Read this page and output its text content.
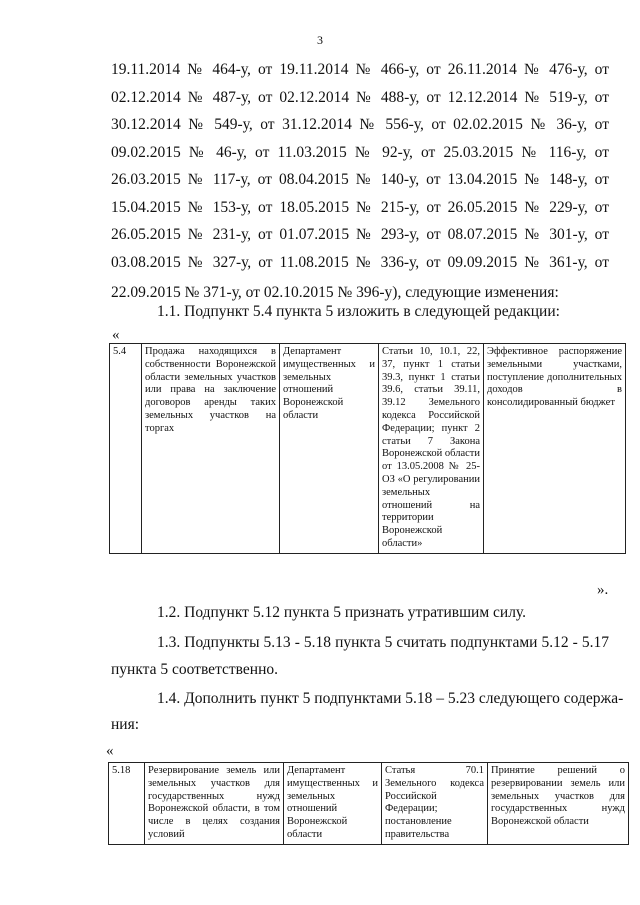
3
19.11.2014 № 464-у, от 19.11.2014 № 466-у, от 26.11.2014 № 476-у, от
02.12.2014 № 487-у, от 02.12.2014 № 488-у, от 12.12.2014 № 519-у, от
30.12.2014 № 549-у, от 31.12.2014 № 556-у, от 02.02.2015 № 36-у, от
09.02.2015 № 46-у, от 11.03.2015 № 92-у, от 25.03.2015 № 116-у, от
26.03.2015 № 117-у, от 08.04.2015 № 140-у, от 13.04.2015 № 148-у, от
15.04.2015 № 153-у, от 18.05.2015 № 215-у, от 26.05.2015 № 229-у, от
26.05.2015 № 231-у, от 01.07.2015 № 293-у, от 08.07.2015 № 301-у, от
03.08.2015 № 327-у, от 11.08.2015 № 336-у, от 09.09.2015 № 361-у, от
22.09.2015 № 371-у, от 02.10.2015 № 396-у), следующие изменения:
1.1. Подпункт 5.4 пункта 5 изложить в следующей редакции:
«
5.4	Продажа находящихся в собственности Воронежской области земельных участков или права на заключение договоров аренды таких земельных участков на торгах	Департамент имущественных и земельных отношений Воронежской области	Статьи 10, 10.1, 22, 37, пункт 1 статьи 39.3, пункт 1 статьи 39.6, статьи 39.11, 39.12 Земельного кодекса Российской Федерации; пункт 2 статьи 7 Закона Воронежской области от 13.05.2008 № 25-ОЗ «О регулировании земельных отношений на территории Воронежской области»	Эффективное распоряжение земельными участками, поступление дополнительных доходов в консолидированный бюджет
».
1.2. Подпункт 5.12 пункта 5 признать утратившим силу.
1.3. Подпункты 5.13 - 5.18 пункта 5 считать подпунктами 5.12 - 5.17
пункта 5 соответственно.
1.4. Дополнить пункт 5 подпунктами 5.18 – 5.23 следующего содержа-
ния:
«
5.18	Резервирование земель или земельных участков для государственных нужд Воронежской области, в том числе в целях создания условий	Департамент имущественных и земельных отношений Воронежской области	Статья 70.1 Земельного кодекса Российской Федерации; постановление правительства	Принятие решений о резервировании земель или земельных участков для государственных нужд Воронежской области
